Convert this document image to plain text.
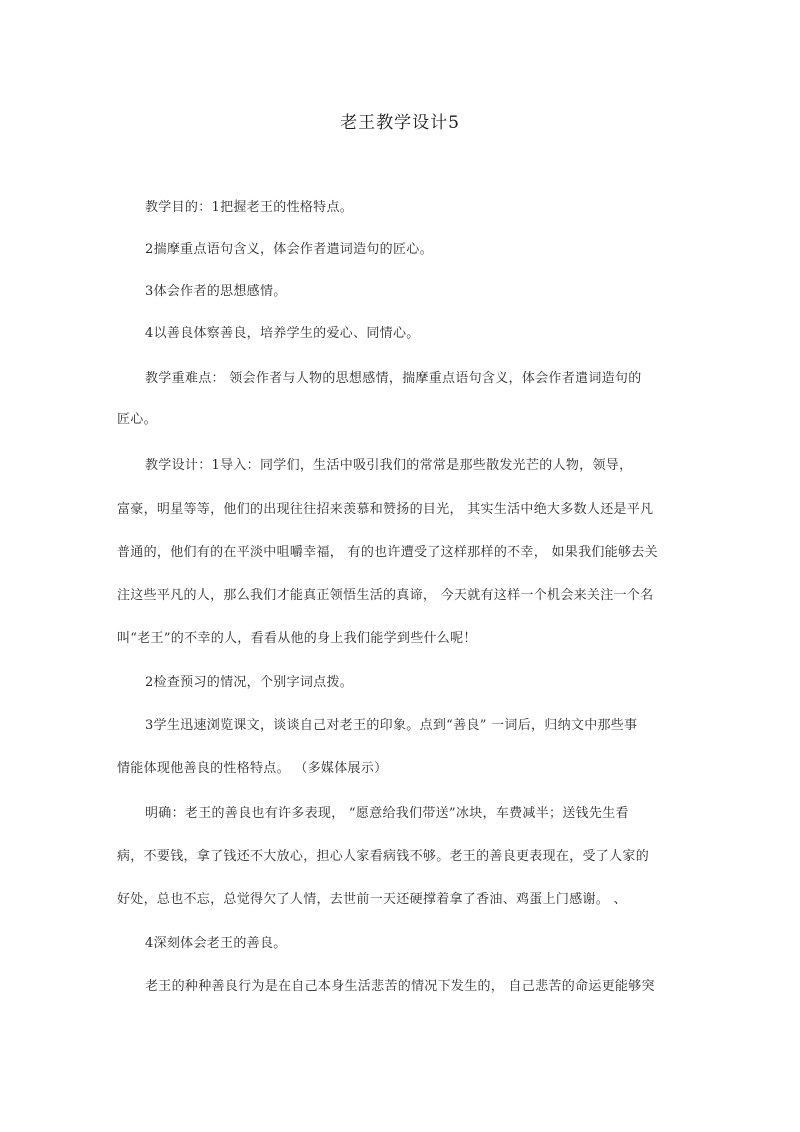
老王教学设计5
教学目的：1把握老王的性格特点。
2揣摩重点语句含义，体会作者遣词造句的匠心。
3体会作者的思想感情。
4以善良体察善良，培养学生的爱心、同情心。
教学重难点： 领会作者与人物的思想感情，揣摩重点语句含义，体会作者遣词造句的
匠心。
教学设计：1导入：同学们，生活中吸引我们的常常是那些散发光芒的人物，领导，
富豪，明星等等，他们的出现往往招来羡慕和赞扬的目光， 其实生活中绝大多数人还是平凡
普通的，他们有的在平淡中咀嚼幸福， 有的也许遭受了这样那样的不幸， 如果我们能够去关
注这些平凡的人，那么我们才能真正领悟生活的真谛， 今天就有这样一个机会来关注一个名
叫“老王”的不幸的人，看看从他的身上我们能学到些什么呢！
2检查预习的情况，个别字词点拨。
3学生迅速浏览课文，谈谈自己对老王的印象。点到“善良” 一词后，归纳文中那些事
情能体现他善良的性格特点。 （多媒体展示）
明确：老王的善良也有许多表现， “愿意给我们带送”冰块，车费减半；送钱先生看
病，不要钱，拿了钱还不大放心，担心人家看病钱不够。老王的善良更表现在，受了人家的
好处，总也不忘，总觉得欠了人情，去世前一天还硬撑着拿了香油、鸡蛋上门感谢。 、
4深刻体会老王的善良。
老王的种种善良行为是在自己本身生活悲苦的情况下发生的， 自己悲苦的命运更能够突
